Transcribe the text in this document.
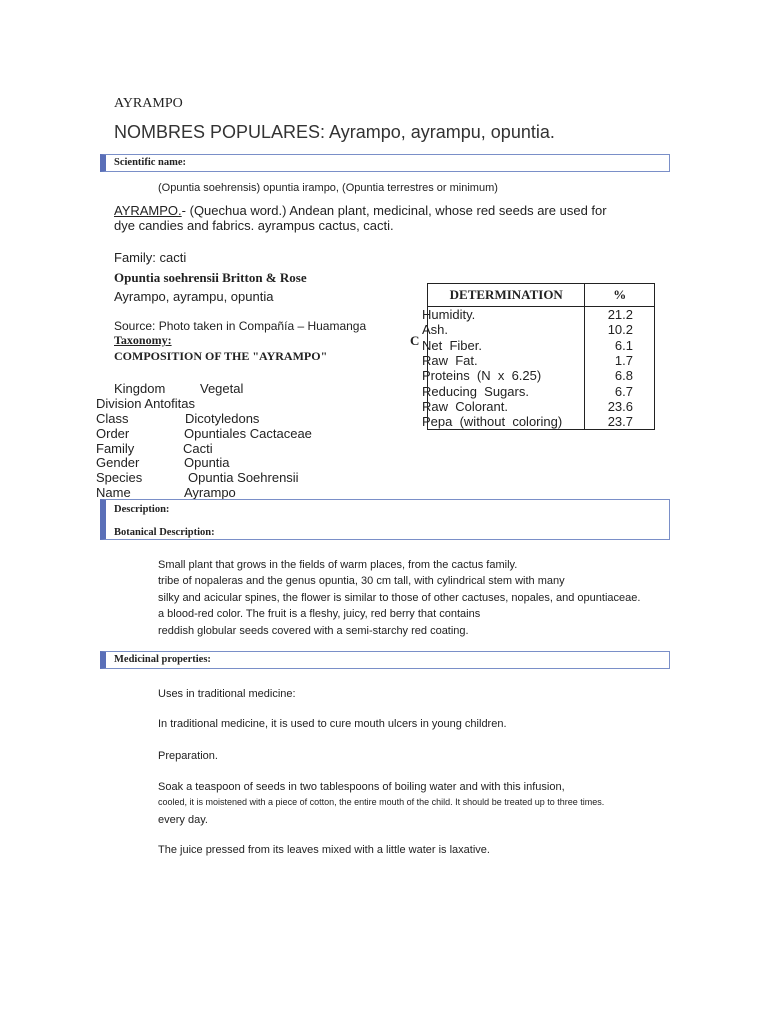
AYRAMPO
NOMBRES POPULARES: Ayrampo, ayrampu, opuntia.
Scientific name:
(Opuntia soehrensis) opuntia irampo, (Opuntia terrestres or minimum)
AYRAMPO.- (Quechua word.) Andean plant, medicinal, whose red seeds are used for
dye candies and fabrics. ayrampus cactus, cacti.
Family: cacti
Opuntia soehrensii Britton & Rose
Ayrampo, ayrampu, opuntia
Source: Photo taken in Compañía – Huamanga
C
Taxonomy:
COMPOSITION OF THE "AYRAMPO"
Kingdom	Vegetal
Division Antofitas
Class	Dicotyledons
Order	Opuntiales Cactaceae
Family	Cacti
Gender	Opuntia
Species	Opuntia Soehrensii
Name	Ayrampo
DETERMINATION	%
Humidity.	21.2
Ash.	10.2
Net  Fiber.	6.1
Raw  Fat.	1.7
Proteins  (N  x  6.25)	6.8
Reducing  Sugars.	6.7
Raw  Colorant.	23.6
Pepa  (without  coloring)	23.7
Description:
Botanical Description:
Small plant that grows in the fields of warm places, from the cactus family.
tribe of nopaleras and the genus opuntia, 30 cm tall, with cylindrical stem with many
silky and acicular spines, the flower is similar to those of other cactuses, nopales, and opuntiaceae.
a blood-red color. The fruit is a fleshy, juicy, red berry that contains
reddish globular seeds covered with a semi-starchy red coating.
Medicinal properties:
Uses in traditional medicine:
In traditional medicine, it is used to cure mouth ulcers in young children.
Preparation.
Soak a teaspoon of seeds in two tablespoons of boiling water and with this infusion,
cooled, it is moistened with a piece of cotton, the entire mouth of the child. It should be treated up to three times.
every day.
The juice pressed from its leaves mixed with a little water is laxative.
